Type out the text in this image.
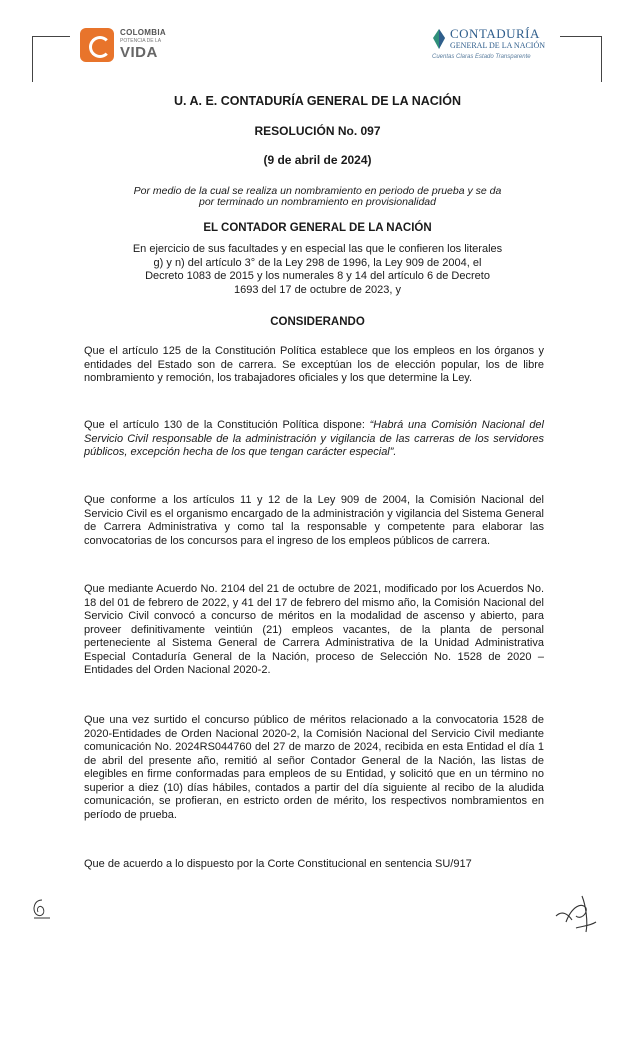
COLOMBIA
POTENCIA DE LA
VIDA
CONTADURÍA
GENERAL DE LA NACIÓN
Cuentas Claras Estado Transparente
U. A. E. CONTADURÍA GENERAL DE LA NACIÓN
RESOLUCIÓN No. 097
(9 de abril de 2024)
Por medio de la cual se realiza un nombramiento en periodo de prueba y se da
por terminado un nombramiento en provisionalidad
EL CONTADOR GENERAL DE LA NACIÓN
En ejercicio de sus facultades y en especial las que le confieren los literales
g) y n) del artículo 3° de la Ley 298 de 1996, la Ley 909 de 2004, el
Decreto 1083 de 2015 y los numerales 8 y 14 del artículo 6 de Decreto
1693 del 17 de octubre de 2023, y
CONSIDERANDO
Que el artículo 125 de la Constitución Política establece que los empleos en los órganos y entidades del Estado son de carrera. Se exceptúan los de elección popular, los de libre nombramiento y remoción, los trabajadores oficiales y los que determine la Ley.
Que el artículo 130 de la Constitución Política dispone: “Habrá una Comisión Nacional del Servicio Civil responsable de la administración y vigilancia de las carreras de los servidores públicos, excepción hecha de los que tengan carácter especial”.
Que conforme a los artículos 11 y 12 de la Ley 909 de 2004, la Comisión Nacional del Servicio Civil es el organismo encargado de la administración y vigilancia del Sistema General de Carrera Administrativa y como tal la responsable y competente para elaborar las convocatorias de los concursos para el ingreso de los empleos públicos de carrera.
Que mediante Acuerdo No. 2104 del 21 de octubre de 2021, modificado por los Acuerdos No. 18 del 01 de febrero de 2022, y 41 del 17 de febrero del mismo año, la Comisión Nacional del Servicio Civil convocó a concurso de méritos en la modalidad de ascenso y abierto, para proveer definitivamente veintiún (21) empleos vacantes, de la planta de personal perteneciente al Sistema General de Carrera Administrativa de la Unidad Administrativa Especial Contaduría General de la Nación, proceso de Selección No. 1528 de 2020 – Entidades del Orden Nacional 2020-2.
Que una vez surtido el concurso público de méritos relacionado a la convocatoria 1528 de 2020-Entidades de Orden Nacional 2020-2, la Comisión Nacional del Servicio Civil mediante comunicación No. 2024RS044760 del 27 de marzo de 2024, recibida en esta Entidad el día 1 de abril del presente año, remitió al señor Contador General de la Nación, las listas de elegibles en firme conformadas para empleos de su Entidad, y solicitó que en un término no superior a diez (10) días hábiles, contados a partir del día siguiente al recibo de la aludida comunicación, se profieran, en estricto orden de mérito, los respectivos nombramientos en período de prueba.
Que de acuerdo a lo dispuesto por la Corte Constitucional en sentencia SU/917
